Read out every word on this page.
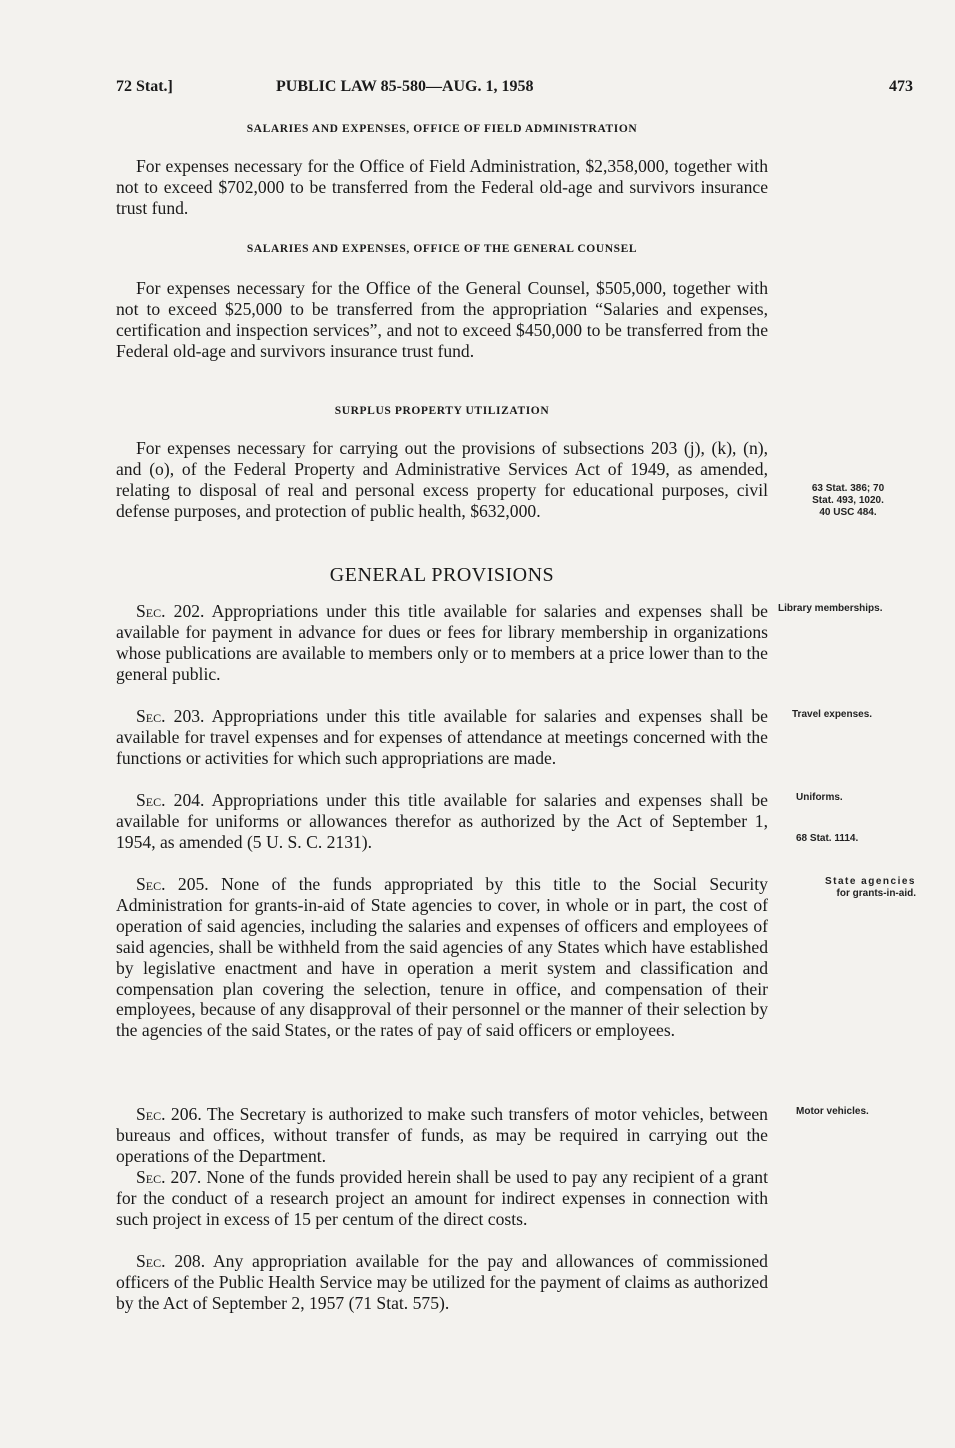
72 Stat.]	PUBLIC LAW 85-580—AUG. 1, 1958	473
SALARIES AND EXPENSES, OFFICE OF FIELD ADMINISTRATION

For expenses necessary for the Office of Field Administration, $2,358,000, together with not to exceed $702,000 to be transferred from the Federal old-age and survivors insurance trust fund.

SALARIES AND EXPENSES, OFFICE OF THE GENERAL COUNSEL

For expenses necessary for the Office of the General Counsel, $505,000, together with not to exceed $25,000 to be transferred from the appropriation “Salaries and expenses, certification and inspection services”, and not to exceed $450,000 to be transferred from the Federal old-age and survivors insurance trust fund.

SURPLUS PROPERTY UTILIZATION

For expenses necessary for carrying out the provisions of subsections 203 (j), (k), (n), and (o), of the Federal Property and Administrative Services Act of 1949, as amended, relating to disposal of real and personal excess property for educational purposes, civil defense purposes, and protection of public health, $632,000.

GENERAL PROVISIONS

Sec. 202. Appropriations under this title available for salaries and expenses shall be available for payment in advance for dues or fees for library membership in organizations whose publications are available to members only or to members at a price lower than to the general public.

Sec. 203. Appropriations under this title available for salaries and expenses shall be available for travel expenses and for expenses of attendance at meetings concerned with the functions or activities for which such appropriations are made.

Sec. 204. Appropriations under this title available for salaries and expenses shall be available for uniforms or allowances therefor as authorized by the Act of September 1, 1954, as amended (5 U. S. C. 2131).

Sec. 205. None of the funds appropriated by this title to the Social Security Administration for grants-in-aid of State agencies to cover, in whole or in part, the cost of operation of said agencies, including the salaries and expenses of officers and employees of said agencies, shall be withheld from the said agencies of any States which have established by legislative enactment and have in operation a merit system and classification and compensation plan covering the selection, tenure in office, and compensation of their employees, because of any disapproval of their personnel or the manner of their selection by the agencies of the said States, or the rates of pay of said officers or employees.

Sec. 206. The Secretary is authorized to make such transfers of motor vehicles, between bureaus and offices, without transfer of funds, as may be required in carrying out the operations of the Department.

Sec. 207. None of the funds provided herein shall be used to pay any recipient of a grant for the conduct of a research project an amount for indirect expenses in connection with such project in excess of 15 per centum of the direct costs.

Sec. 208. Any appropriation available for the pay and allowances of commissioned officers of the Public Health Service may be utilized for the payment of claims as authorized by the Act of September 2, 1957 (71 Stat. 575).

63 Stat. 386; 70
Stat. 493, 1020.
40 USC 484.
Library memberships.
Travel expenses.
Uniforms.
68 Stat. 1114.
State agencies
for grants-in-aid.
Motor vehicles.
